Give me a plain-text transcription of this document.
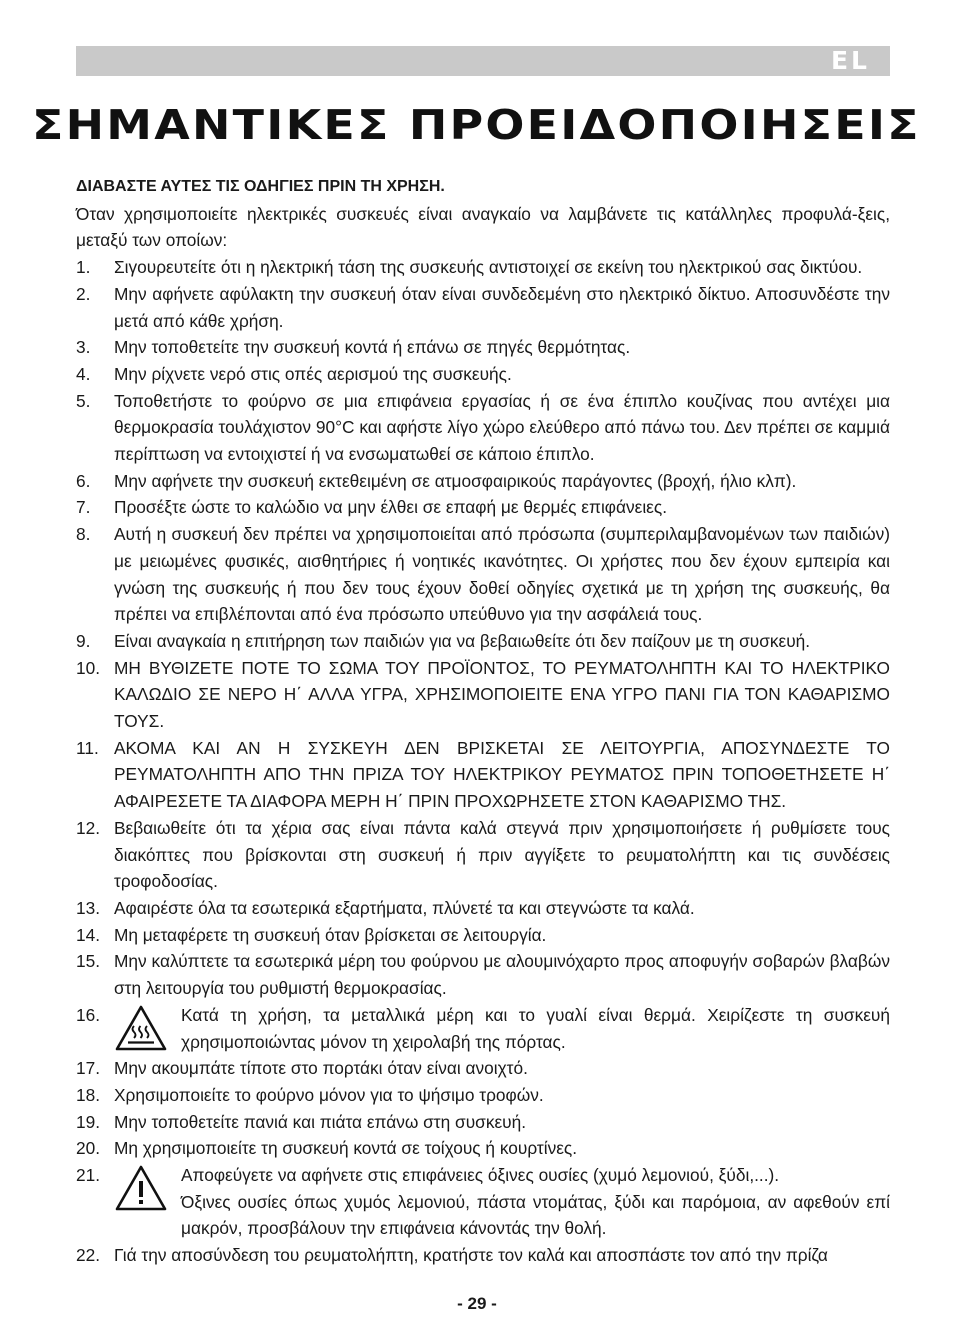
EL
ΣΗΜΑΝΤΙΚΕΣ ΠΡΟΕΙΔΟΠΟΙΗΣΕΙΣ

ΔΙΑΒΑΣΤΕ ΑΥΤΕΣ ΤΙΣ ΟΔΗΓΙΕΣ ΠΡΙΝ ΤΗ ΧΡΗΣΗ.

Όταν χρησιμοποιείτε ηλεκτρικές συσκευές είναι αναγκαίο να λαμβάνετε τις κατάλληλες προφυλά-ξεις, μεταξύ των οποίων:

1. Σιγουρευτείτε ότι η ηλεκτρική τάση της συσκευής αντιστοιχεί σε εκείνη του ηλεκτρικού σας δικτύου.
2. Μην αφήνετε αφύλακτη την συσκευή όταν είναι συνδεδεμένη στο ηλεκτρικό δίκτυο. Αποσυνδέστε την μετά από κάθε χρήση.
3. Μην τοποθετείτε την συσκευή κοντά ή επάνω σε πηγές θερμότητας.
4. Μην ρίχνετε νερό στις οπές αερισμού της συσκευής.
5. Τοποθετήστε το φούρνο σε μια επιφάνεια εργασίας ή σε ένα έπιπλο κουζίνας που αντέχει μια θερμοκρασία τουλάχιστον 90°C και αφήστε λίγο χώρο ελεύθερο από πάνω του. Δεν πρέπει σε καμμιά περίπτωση να εντοιχιστεί ή να ενσωματωθεί σε κάποιο έπιπλο.
6. Μην αφήνετε την συσκευή εκτεθειμένη σε ατμοσφαιρικούς παράγοντες (βροχή, ήλιο κλπ).
7. Προσέξτε ώστε το καλώδιο να μην έλθει σε επαφή με θερμές επιφάνειες.
8. Αυτή η συσκευή δεν πρέπει να χρησιμοποιείται από πρόσωπα (συμπεριλαμβανομένων των παιδιών) με μειωμένες φυσικές, αισθητήριες ή νοητικές ικανότητες. Οι χρήστες που δεν έχουν εμπειρία και γνώση της συσκευής ή που δεν τους έχουν δοθεί οδηγίες σχετικά με τη χρήση της συσκευής, θα πρέπει να επιβλέπονται από ένα πρόσωπο υπεύθυνο για την ασφάλειά τους.
9. Είναι αναγκαία η επιτήρηση των παιδιών για να βεβαιωθείτε ότι δεν παίζουν με τη συσκευή.
10. ΜΗ ΒΥΘΙΖΕΤΕ ΠΟΤΕ ΤΟ ΣΩΜΑ ΤΟΥ ΠΡΟΪΟΝΤΟΣ, ΤΟ ΡΕΥΜΑΤΟΛΗΠΤΗ ΚΑΙ ΤΟ ΗΛΕΚΤΡΙΚΟ ΚΑΛΩΔΙΟ ΣΕ ΝΕΡΟ Η΄ ΑΛΛΑ ΥΓΡΑ, ΧΡΗΣΙΜΟΠΟΙΕΙΤΕ ΕΝΑ ΥΓΡΟ ΠΑΝΙ ΓΙΑ ΤΟΝ ΚΑΘΑΡΙΣΜΟ ΤΟΥΣ.
11. ΑΚΟΜΑ ΚΑΙ ΑΝ Η ΣΥΣΚΕΥΗ ΔΕΝ ΒΡΙΣΚΕΤΑΙ ΣΕ ΛΕΙΤΟΥΡΓΙΑ, ΑΠΟΣΥΝΔΕΣΤΕ ΤΟ ΡΕΥΜΑΤΟΛΗΠΤΗ ΑΠΟ ΤΗΝ ΠΡΙΖΑ ΤΟΥ ΗΛΕΚΤΡΙΚΟΥ ΡΕΥΜΑΤΟΣ ΠΡΙΝ ΤΟΠΟΘΕΤΗΣΕΤΕ Η΄ ΑΦΑΙΡΕΣΕΤΕ ΤΑ ΔΙΑΦΟΡΑ ΜΕΡΗ Η΄ ΠΡΙΝ ΠΡΟΧΩΡΗΣΕΤΕ ΣΤΟΝ ΚΑΘΑΡΙΣΜΟ ΤΗΣ.
12. Βεβαιωθείτε ότι τα χέρια σας είναι πάντα καλά στεγνά πριν χρησιμοποιήσετε ή ρυθμίσετε τους διακόπτες που βρίσκονται στη συσκευή ή πριν αγγίξετε το ρευματολήπτη και τις συνδέσεις τροφοδοσίας.
13. Αφαιρέστε όλα τα εσωτερικά εξαρτήματα, πλύνετέ τα και στεγνώστε τα καλά.
14. Μη μεταφέρετε τη συσκευή όταν βρίσκεται σε λειτουργία.
15. Μην καλύπτετε τα εσωτερικά μέρη του φούρνου με αλουμινόχαρτο προς αποφυγήν σοβαρών βλαβών στη λειτουργία του ρυθμιστή θερμοκρασίας.
16.	Κατά τη χρήση, τα μεταλλικά μέρη και το γυαλί είναι θερμά. Χειρίζεστε τη συσκευή χρησιμοποιώντας μόνον τη χειρολαβή της πόρτας.
17. Μην ακουμπάτε τίποτε στο πορτάκι όταν είναι ανοιχτό.
18. Χρησιμοποιείτε το φούρνο μόνον για το ψήσιμο τροφών.
19. Μην τοποθετείτε πανιά και πιάτα επάνω στη συσκευή.
20. Μη χρησιμοποιείτε τη συσκευή κοντά σε τοίχους ή κουρτίνες.
21.	Αποφεύγετε να αφήνετε στις επιφάνειες όξινες ουσίες (χυμό λεμονιού, ξύδι,...).
Όξινες ουσίες όπως χυμός λεμονιού, πάστα ντομάτας, ξύδι και παρόμοια, αν αφεθούν επί μακρόν, προσβάλουν την επιφάνεια κάνοντάς την θολή.
22. Γιά την αποσύνδεση του ρευματολήπτη, κρατήστε τον καλά και αποσπάστε τον από την πρίζα
- 29 -
